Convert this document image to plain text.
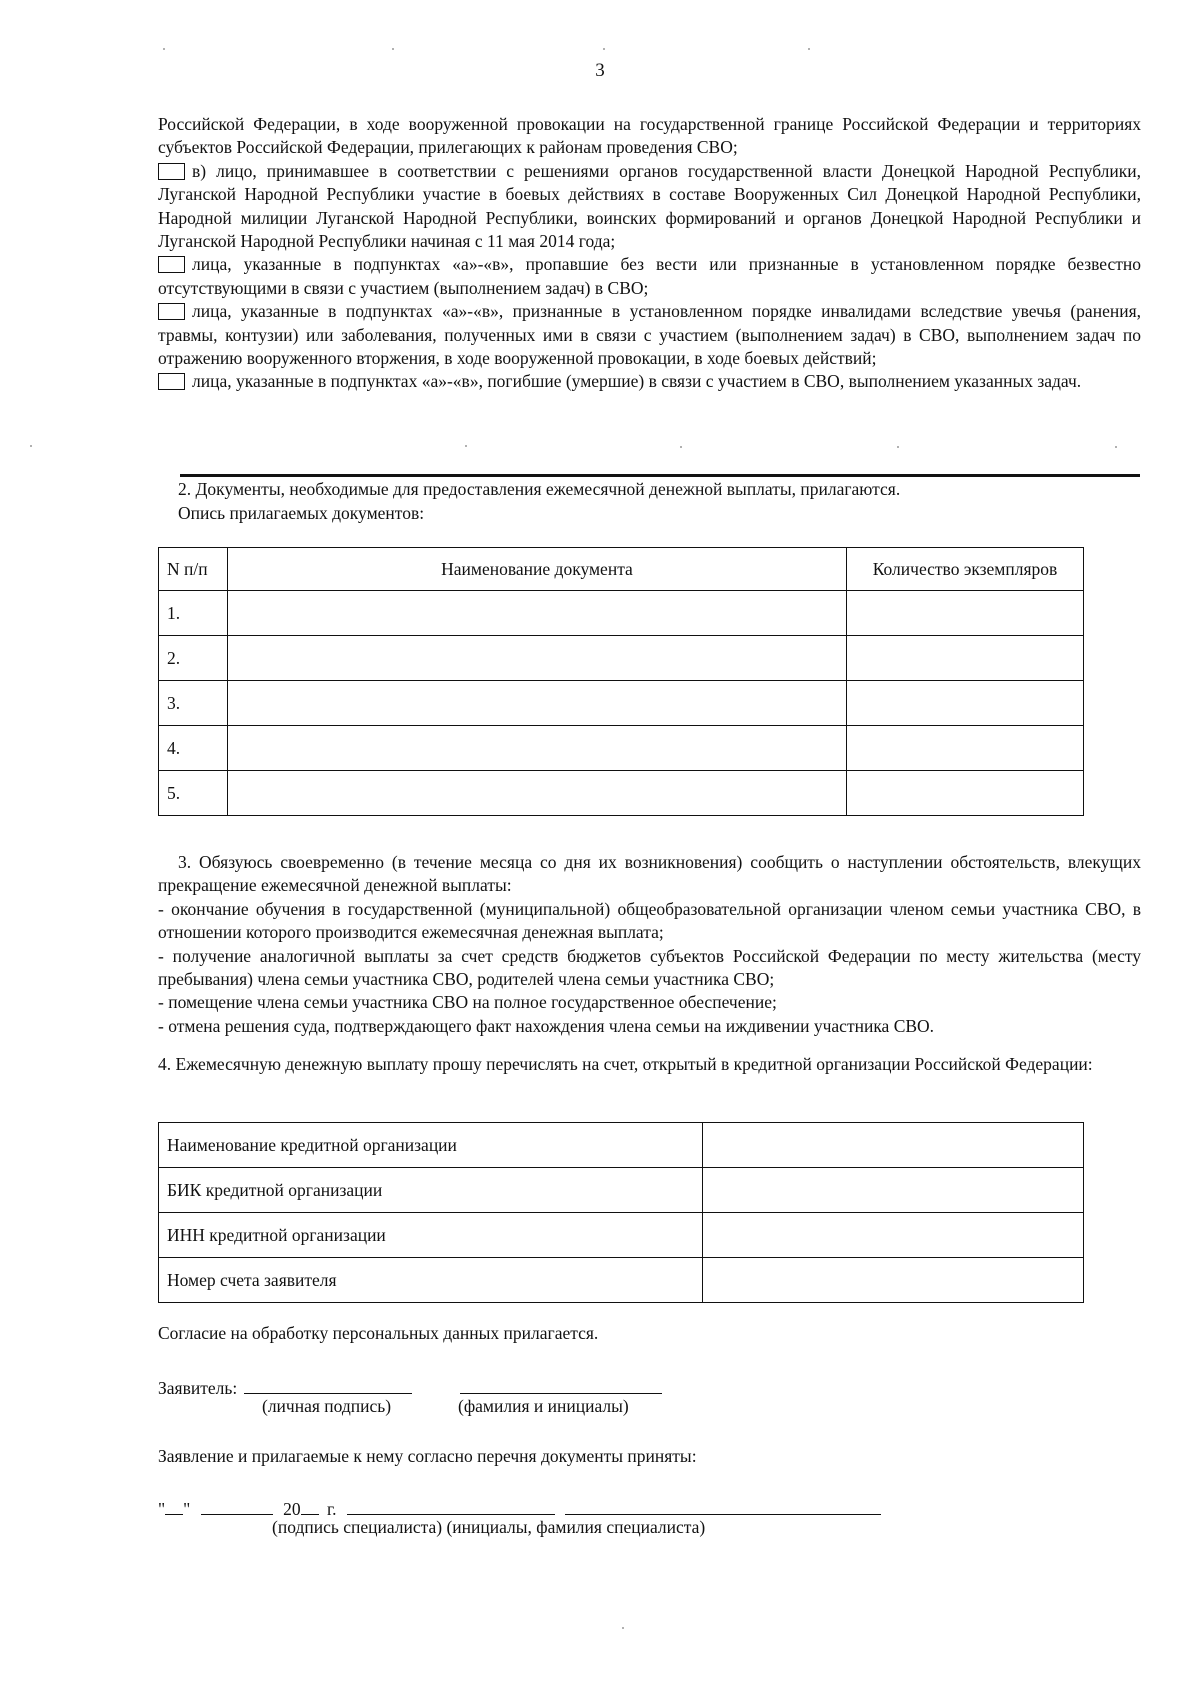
3

Российской Федерации, в ходе вооруженной провокации на государственной границе Российской Федерации и территориях субъектов Российской Федерации, прилегающих к районам проведения СВО;

в) лицо, принимавшее в соответствии с решениями органов государственной власти Донецкой Народной Республики, Луганской Народной Республики участие в боевых действиях в составе Вооруженных Сил Донецкой Народной Республики, Народной милиции Луганской Народной Республики, воинских формирований и органов Донецкой Народной Республики и Луганской Народной Республики начиная с 11 мая 2014 года;

лица, указанные в подпунктах «а»-«в», пропавшие без вести или признанные в установленном порядке безвестно отсутствующими в связи с участием (выполнением задач) в СВО;

лица, указанные в подпунктах «а»-«в», признанные в установленном порядке инвалидами вследствие увечья (ранения, травмы, контузии) или заболевания, полученных ими в связи с участием (выполнением задач) в СВО, выполнением задач по отражению вооруженного вторжения, в ходе вооруженной провокации, в ходе боевых действий;

лица, указанные в подпунктах «а»-«в», погибшие (умершие) в связи с участием в СВО, выполнением указанных задач.

2. Документы, необходимые для предоставления ежемесячной денежной выплаты, прилагаются.
Опись прилагаемых документов:
N п/п	Наименование документа	Количество экземпляров
1.		
2.		
3.		
4.		
5.		

3. Обязуюсь своевременно (в течение месяца со дня их возникновения) сообщить о наступлении обстоятельств, влекущих прекращение ежемесячной денежной выплаты:

- окончание обучения в государственной (муниципальной) общеобразовательной организации членом семьи участника СВО, в отношении которого производится ежемесячная денежная выплата;

- получение аналогичной выплаты за счет средств бюджетов субъектов Российской Федерации по месту жительства (месту пребывания) члена семьи участника СВО, родителей члена семьи участника СВО;

- помещение члена семьи участника СВО на полное государственное обеспечение;

- отмена решения суда, подтверждающего факт нахождения члена семьи на иждивении участника СВО.

4. Ежемесячную денежную выплату прошу перечислять на счет, открытый в кредитной организации Российской Федерации:

Наименование кредитной организации	
БИК кредитной организации	
ИНН кредитной организации	
Номер счета заявителя	
Согласие на обработку персональных данных прилагается.
Заявитель:
(личная подпись)	(фамилия и инициалы)
Заявление и прилагаемые к нему согласно перечня документы приняты:
" "	20 г.
(подпись специалиста) (инициалы, фамилия специалиста)
